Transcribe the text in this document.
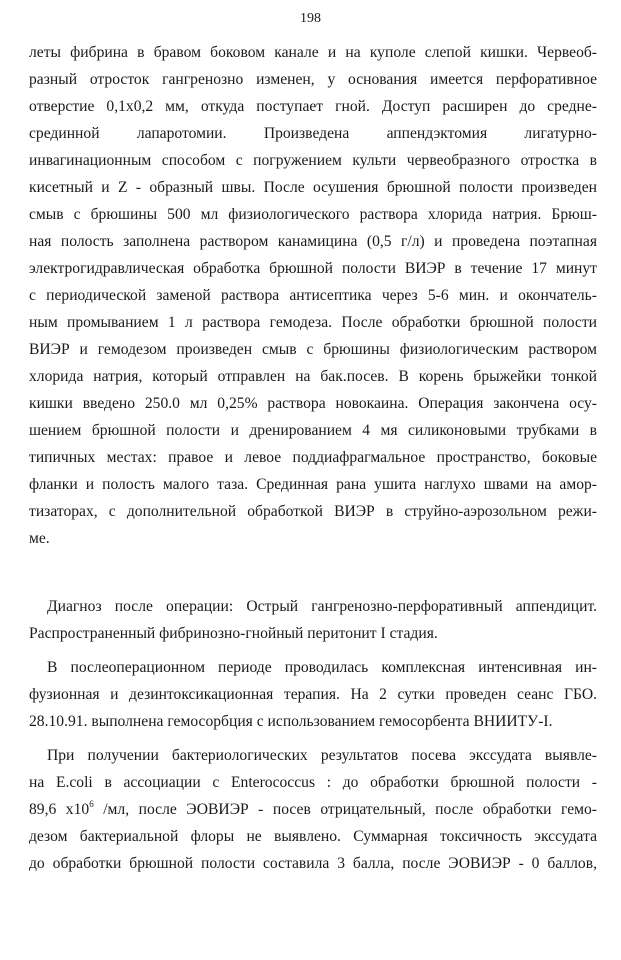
198
леты фибрина в бравом боковом канале и на куполе слепой кишки. Червеоб-
разный отросток гангренозно изменен, у основания имеется перфоративное
отверстие 0,1х0,2 мм, откуда поступает гной. Доступ расширен до средне-
срединной лапаротомии. Произведена аппендэктомия лигатурно-
инвагинационным способом с погружением культи червеобразного отростка в
кисетный и Z - образный швы. После осушения брюшной полости произведен
смыв с брюшины 500 мл физиологического раствора хлорида натрия. Брюш-
ная полость заполнена раствором канамицина (0,5 г/л) и проведена поэтапная
электрогидравлическая обработка брюшной полости ВИЭР в течение 17 минут
с периодической заменой раствора антисептика через 5-6 мин. и окончатель-
ным промыванием 1 л раствора гемодеза. После обработки брюшной полости
ВИЭР и гемодезом произведен смыв с брюшины физиологическим раствором
хлорида натрия, который отправлен на бак.посев. В корень брыжейки тонкой
кишки введено 250.0 мл 0,25% раствора новокаина. Операция закончена осу-
шением брюшной полости и дренированием 4 мя силиконовыми трубками в
типичных местах: правое и левое поддиафрагмальное пространство, боковые
фланки и полость малого таза. Срединная рана ушита наглухо швами на амор-
тизаторах, с дополнительной обработкой ВИЭР в струйно-аэрозольном режи-
ме.
Диагноз после операции: Острый гангренозно-перфоративный аппендицит.
Распространенный фибринозно-гнойный перитонит I стадия.
В послеоперационном периоде проводилась комплексная интенсивная ин-
фузионная и дезинтоксикационная терапия. На 2 сутки проведен сеанс ГБО.
28.10.91. выполнена гемосорбция с использованием гемосорбента ВНИИТУ-I.
При получении бактериологических результатов посева экссудата выявле-
на E.coli в ассоциации с Enterococcus : до обработки брюшной полости -
89,6 $х10^6$ /мл, после ЭОВИЭР - посев отрицательный, после обработки гемо-
дезом бактериальной флоры не выявлено. Суммарная токсичность экссудата
до обработки брюшной полости составила 3 балла, после ЭОВИЭР - 0 баллов,
